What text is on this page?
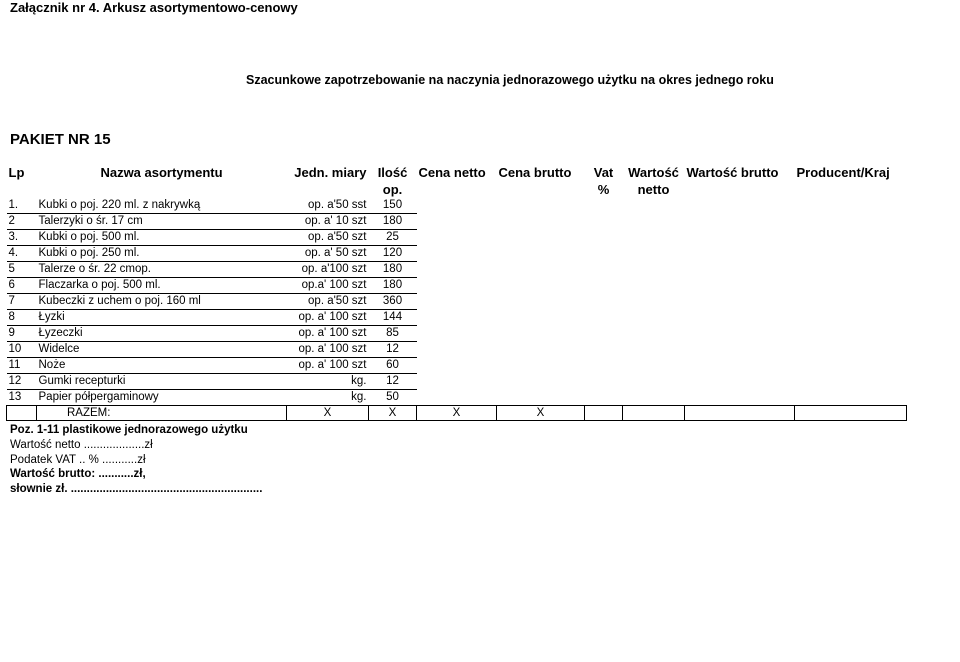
Załącznik nr 4. Arkusz asortymentowo-cenowy
Szacunkowe zapotrzebowanie na naczynia jednorazowego użytku na okres jednego roku
PAKIET NR 15
Lp	Nazwa asortymentu	Jedn. miary	Ilość op.	Cena netto	Cena brutto	Vat %	Wartość netto	Wartość brutto	Producent/Kraj
1.	Kubki o poj. 220 ml. z nakrywką	op. a'50 sst	150						
2	Talerzyki o śr. 17 cm	op. a' 10 szt	180						
3.	Kubki o poj. 500 ml.	op. a'50 szt	25						
4.	Kubki o poj. 250 ml.	op. a' 50 szt	120						
5	Talerze o śr. 22 cmop.	op. a'100 szt	180						
6	Flaczarka o poj. 500 ml.	op.a' 100 szt	180						
7	Kubeczki z uchem o poj. 160 ml	op. a'50 szt	360						
8	Łyzki	op. a' 100 szt	144						
9	Łyzeczki	op. a' 100 szt	85						
10	Widelce	op. a' 100 szt	12						
11	Noże	op. a' 100 szt	60						
12	Gumki recepturki	kg.	12						
13	Papier półpergaminowy	kg.	50						
	RAZEM:	X	X	X	X				
Poz. 1-11 plastikowe jednorazowego użytku
Wartość netto ...................zł
Podatek VAT .. % ...........zł
Wartość brutto: ...........zł,
słownie zł. ............................................................
